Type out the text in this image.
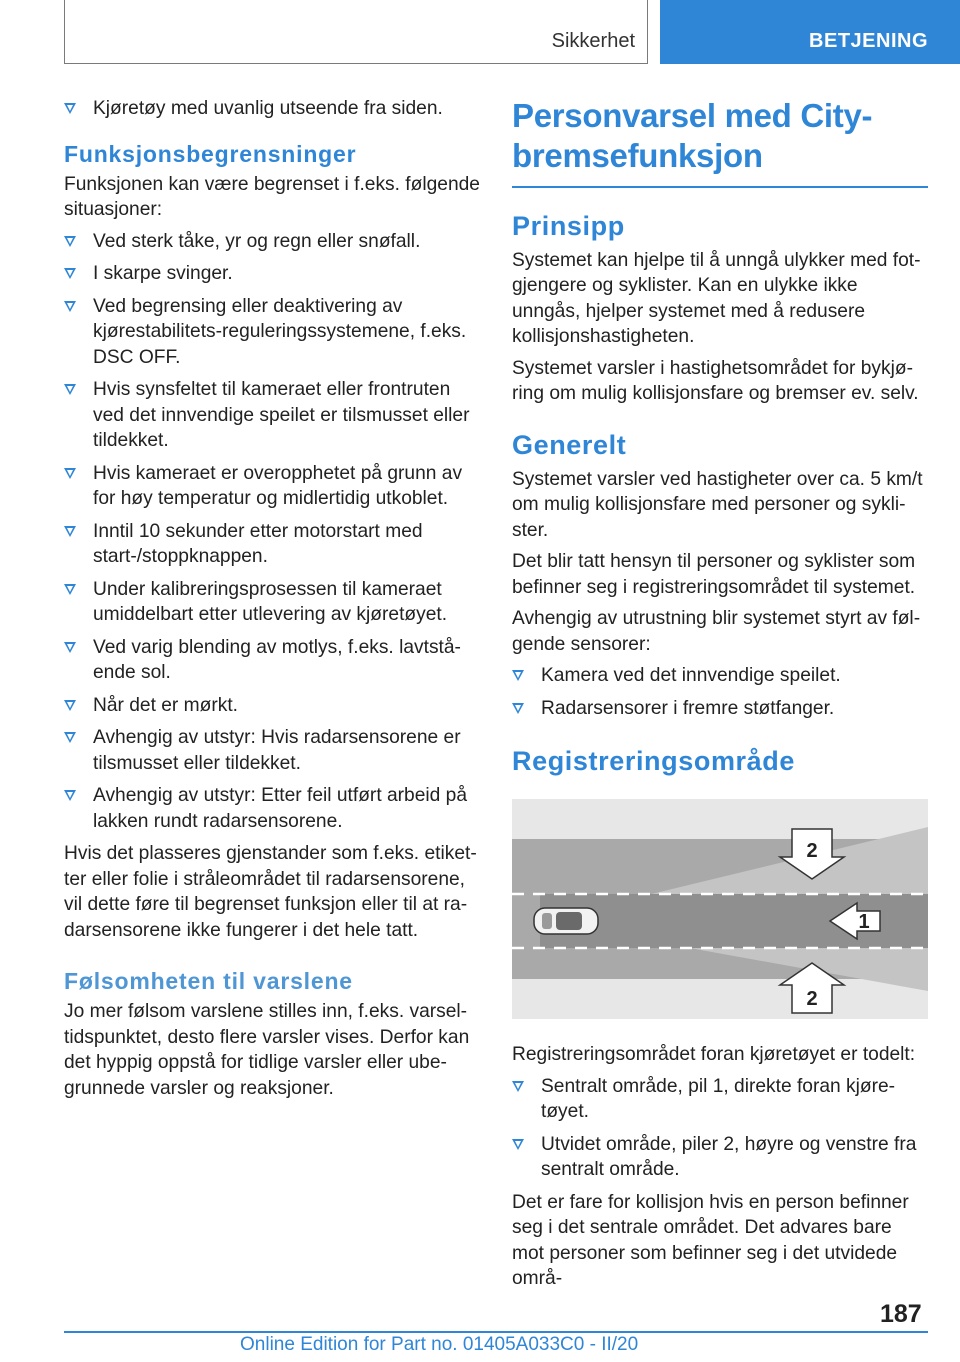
Sikkerhet	BETJENING
Kjøretøy med uvanlig utseende fra siden.
Funksjonsbegrensninger

Funksjonen kan være begrenset i f.eks. følgende situasjoner:

Ved sterk tåke, yr og regn eller snøfall.
I skarpe svinger.
Ved begrensing eller deaktivering av kjørestabilitets-reguleringssystemene, f.eks. DSC OFF.
Hvis synsfeltet til kameraet eller frontruten ved det innvendige speilet er tilsmusset eller tildekket.
Hvis kameraet er overopphetet på grunn av for høy temperatur og midlertidig utkoblet.
Inntil 10 sekunder etter motorstart med start-/stoppknappen.
Under kalibreringsprosessen til kameraet umiddelbart etter utlevering av kjøretøyet.
Ved varig blending av motlys, f.eks. lavtstående sol.
Når det er mørkt.
Avhengig av utstyr: Hvis radarsensorene er tilsmusset eller tildekket.
Avhengig av utstyr: Etter feil utført arbeid på lakken rundt radarsensorene.

Hvis det plasseres gjenstander som f.eks. etiketter eller folie i stråleområdet til radarsensorene, vil dette føre til begrenset funksjon eller til at radarsensorene ikke fungerer i det hele tatt.

Følsomheten til varslene

Jo mer følsom varslene stilles inn, f.eks. varseltidspunktet, desto flere varsler vises. Derfor kan det hyppig oppstå for tidlige varsler eller ubegrunnede varsler og reaksjoner.

Personvarsel med City-bremsefunksjon
Prinsipp

Systemet kan hjelpe til å unngå ulykker med fotgjengere og syklister. Kan en ulykke ikke unngås, hjelper systemet med å redusere kollisjonshastigheten.

Systemet varsler i hastighetsområdet for bykjøring om mulig kollisjonsfare og bremser ev. selv.

Generelt

Systemet varsler ved hastigheter over ca. 5 km/t om mulig kollisjonsfare med personer og syklister.

Det blir tatt hensyn til personer og syklister som befinner seg i registreringsområdet til systemet.

Avhengig av utrustning blir systemet styrt av følgende sensorer:

Kamera ved det innvendige speilet.
Radarsensorer i fremre støtfanger.
Registreringsområde
2
1
2

Registreringsområdet foran kjøretøyet er todelt:

Sentralt område, pil 1, direkte foran kjøretøyet.
Utvidet område, piler 2, høyre og venstre fra sentralt område.

Det er fare for kollisjon hvis en person befinner seg i det sentrale området. Det advares bare mot personer som befinner seg i det utvidede områ-

187
Online Edition for Part no. 01405A033C0 - II/20
